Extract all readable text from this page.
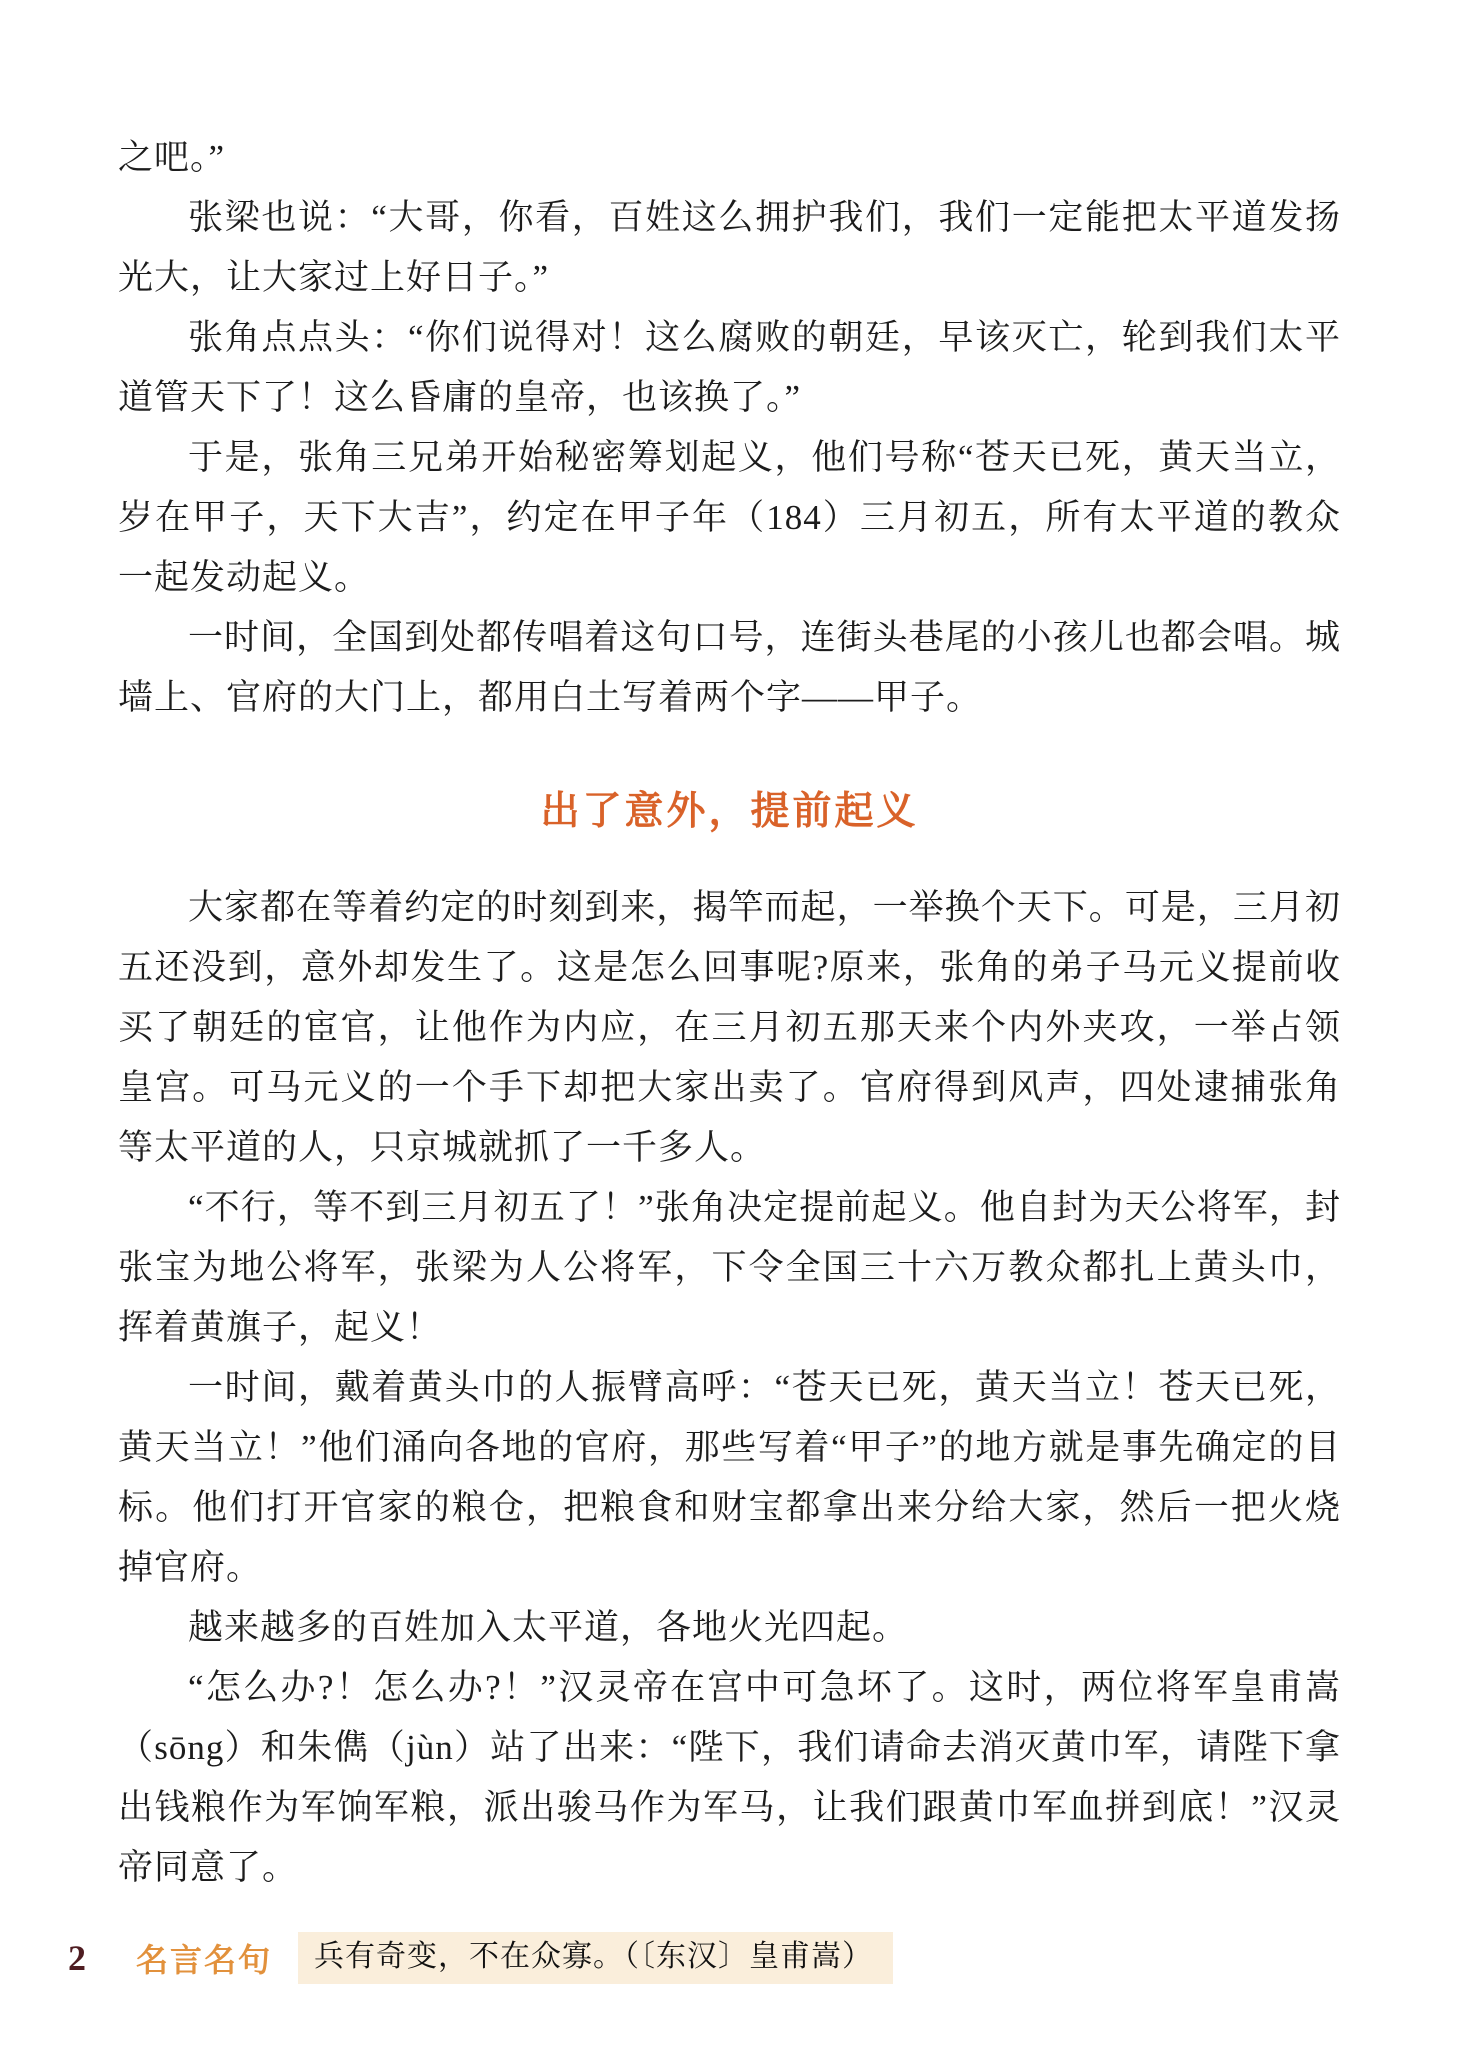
之吧。”

张梁也说：“大哥，你看，百姓这么拥护我们，我们一定能把太平道发扬光大，让大家过上好日子。”

张角点点头：“你们说得对！这么腐败的朝廷，早该灭亡，轮到我们太平道管天下了！这么昏庸的皇帝，也该换了。”

于是，张角三兄弟开始秘密筹划起义，他们号称“苍天已死，黄天当立，岁在甲子，天下大吉”，约定在甲子年（184）三月初五，所有太平道的教众一起发动起义。

一时间，全国到处都传唱着这句口号，连街头巷尾的小孩儿也都会唱。城墙上、官府的大门上，都用白土写着两个字——甲子。

出了意外，提前起义

大家都在等着约定的时刻到来，揭竿而起，一举换个天下。可是，三月初五还没到，意外却发生了。这是怎么回事呢?原来，张角的弟子马元义提前收买了朝廷的宦官，让他作为内应，在三月初五那天来个内外夹攻，一举占领皇宫。可马元义的一个手下却把大家出卖了。官府得到风声，四处逮捕张角等太平道的人，只京城就抓了一千多人。

“不行，等不到三月初五了！”张角决定提前起义。他自封为天公将军，封张宝为地公将军，张梁为人公将军，下令全国三十六万教众都扎上黄头巾，挥着黄旗子，起义！

一时间，戴着黄头巾的人振臂高呼：“苍天已死，黄天当立！苍天已死，黄天当立！”他们涌向各地的官府，那些写着“甲子”的地方就是事先确定的目标。他们打开官家的粮仓，把粮食和财宝都拿出来分给大家，然后一把火烧掉官府。

越来越多的百姓加入太平道，各地火光四起。

“怎么办?！怎么办?！”汉灵帝在宫中可急坏了。这时，两位将军皇甫嵩（sōng）和朱儁（jùn）站了出来：“陛下，我们请命去消灭黄巾军，请陛下拿出钱粮作为军饷军粮，派出骏马作为军马，让我们跟黄巾军血拼到底！”汉灵帝同意了。

2 名言名句	兵有奇变，不在众寡。（〔东汉〕皇甫嵩）
